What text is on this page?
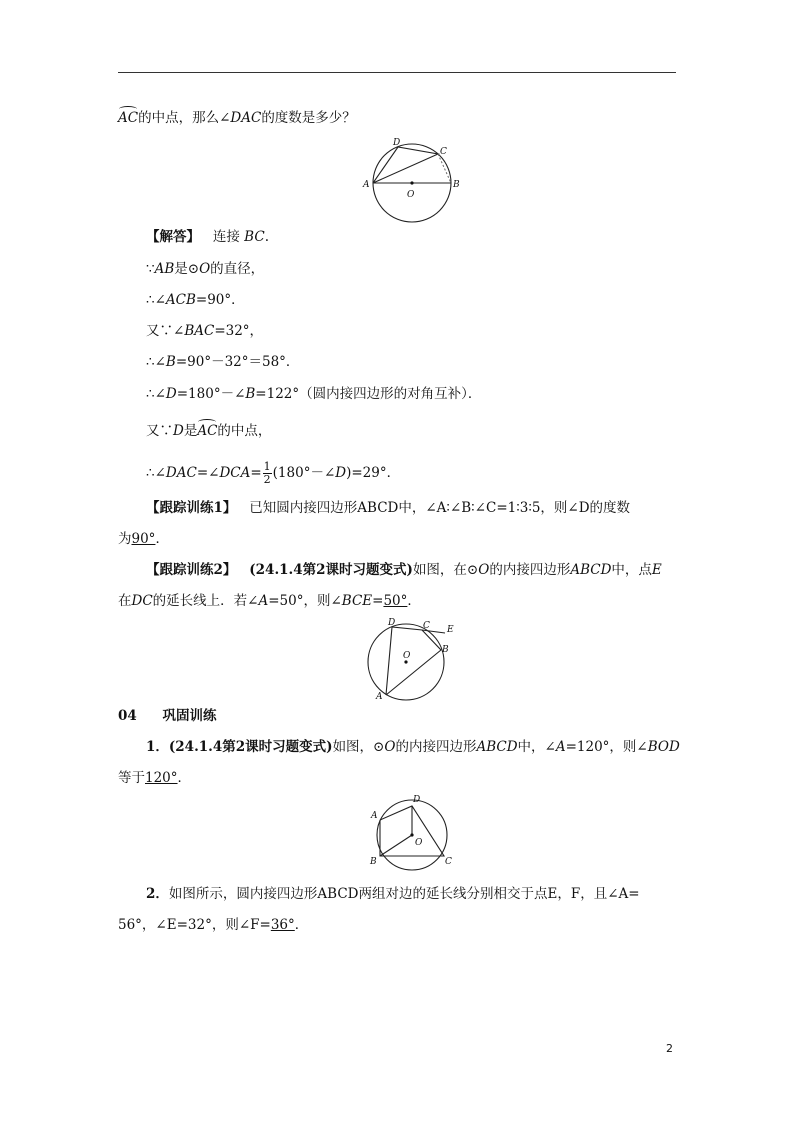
AC的中点，那么∠DAC的度数是多少？
D
C
A
O
B
【解答】 连接 BC.
∵AB是⊙O的直径，
∴∠ACB=90°．
又∵∠BAC=32°，
∴∠B=90°－32°＝58°．
∴∠D=180°－∠B=122°（圆内接四边形的对角互补）．
又∵D是AC的中点，
∴∠DAC=∠DCA= $\frac{1}{2}$ (180°－∠D)=29°．
【跟踪训练1】 已知圆内接四边形ABCD中，∠A∶∠B∶∠C=1∶3∶5，则∠D的度数
为90°．
【跟踪训练2】 (24.1.4第2课时习题变式)如图，在⊙O的内接四边形ABCD中，点E
在DC的延长线上．若∠A=50°，则∠BCE=50°．
D	C E
O
B
A
04 巩固训练
1．(24.1.4第2课时习题变式)如图，⊙O的内接四边形ABCD中，∠A=120°，则∠BOD
等于120°．
A
D
O
B	C
2．如图所示，圆内接四边形ABCD两组对边的延长线分别相交于点E，F，且∠A=
56°，∠E=32°，则∠F=36°．
2
